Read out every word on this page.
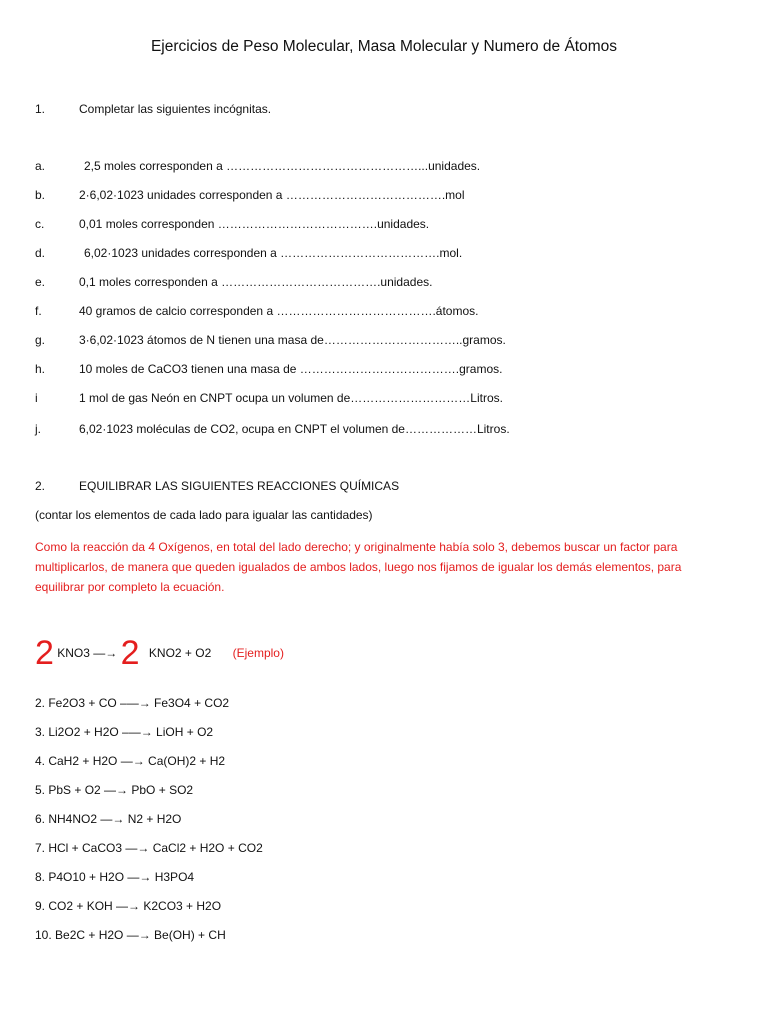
Ejercicios de Peso Molecular, Masa Molecular y Numero de Átomos
1.	Completar las siguientes incógnitas.
a.	2,5 moles corresponden a …………………………………………...unidades.
b.	2·6,02·1023 unidades corresponden a ………………………………….mol
c.	0,01 moles corresponden ………………………………….unidades.
d.	6,02·1023 unidades corresponden a ………………………………….mol.
e.	0,1 moles corresponden a ………………………………….unidades.
f.	40 gramos de calcio corresponden a ………………………………….átomos.
g.	3·6,02·1023 átomos de N tienen una masa de……………………………..gramos.
h.	10 moles de CaCO3 tienen una masa de ………………………………….gramos.
i	1 mol de gas Neón en CNPT ocupa un volumen de…………………………Litros.
j.	6,02·1023 moléculas de CO2, ocupa en CNPT el volumen de………………Litros.
2.	EQUILIBRAR LAS SIGUIENTES REACCIONES QUÍMICAS
(contar los elementos de cada lado para igualar las cantidades)
Como la reacción da 4 Oxígenos, en total del lado derecho; y originalmente había solo 3, debemos buscar un factor para multiplicarlos, de manera que queden igualados de ambos lados, luego nos fijamos de igualar los demás elementos, para equilibrar por completo la ecuación.
2 KNO3 —→ 2 KNO2 + O2 (Ejemplo)
2. Fe2O3 + CO –—→ Fe3O4 + CO2
3. Li2O2 + H2O –—→ LiOH + O2
4. CaH2 + H2O —→ Ca(OH)2 + H2
5. PbS + O2 —→ PbO + SO2
6. NH4NO2 —→ N2 + H2O
7. HCl + CaCO3 —→ CaCl2 + H2O + CO2
8. P4O10 + H2O —→ H3PO4
9. CO2 + KOH —→ K2CO3 + H2O
10. Be2C + H2O —→ Be(OH) + CH
